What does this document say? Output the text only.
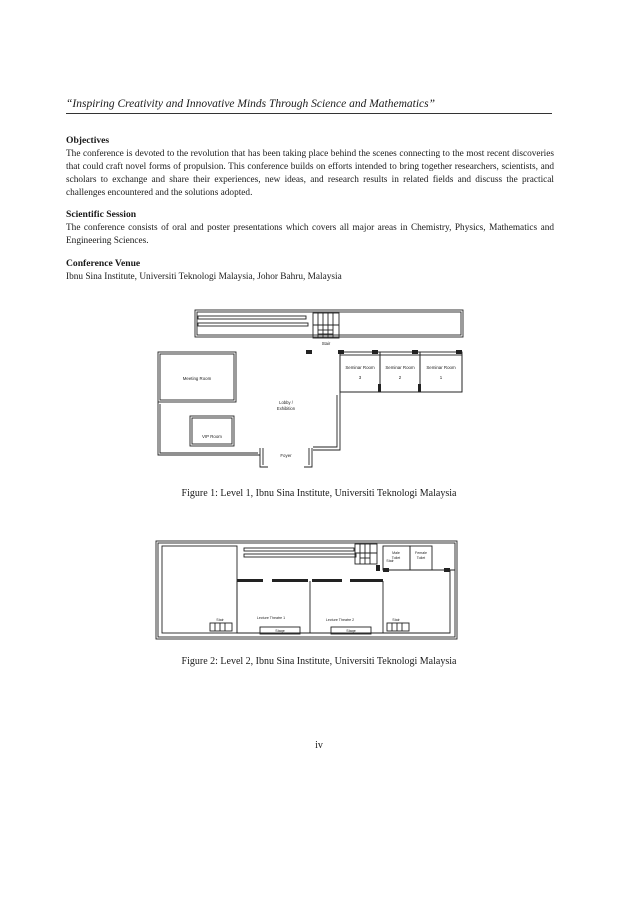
“Inspiring Creativity and Innovative Minds Through Science and Mathematics”
Objectives

The conference is devoted to the revolution that has been taking place behind the scenes connecting to the most recent discoveries that could craft novel forms of propulsion. This conference builds on efforts intended to bring together researchers, scientists, and scholars to exchange and share their experiences, new ideas, and research results in related fields and discuss the practical challenges encountered and the solutions adopted.

Scientific Session

The conference consists of oral and poster presentations which covers all major areas in Chemistry, Physics, Mathematics and Engineering Sciences.

Conference Venue

Ibnu Sina Institute, Universiti Teknologi Malaysia, Johor Bahru, Malaysia

Stair
Meeting Room
Seminar Room
3
Seminar Room
2
Seminar Room
1
Lobby /
Exhibition
VIP Room
Foyer
Figure 1: Level 1, Ibnu Sina Institute, Universiti Teknologi Malaysia
Stair
Male
Toilet
Female
Toilet
Stair	Lecture Theatre 1	Lecture Theatre 2	Stair
Stage	Stage
Figure 2: Level 2, Ibnu Sina Institute, Universiti Teknologi Malaysia
iv
